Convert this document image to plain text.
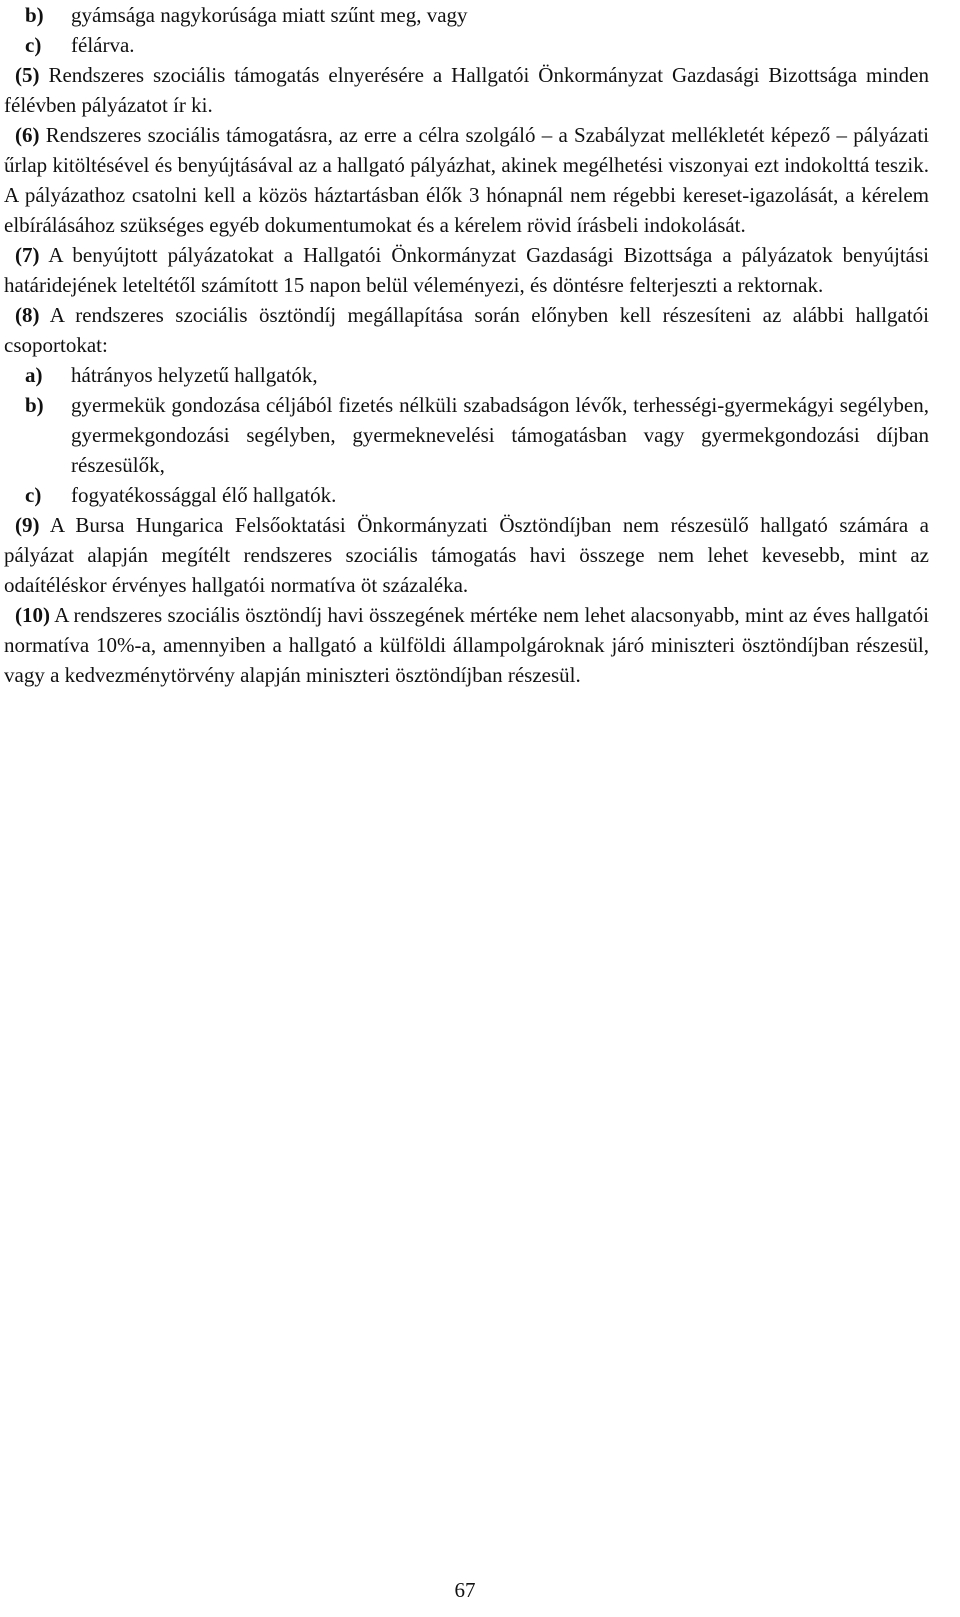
b) gyámsága nagykorúsága miatt szűnt meg, vagy
c) félárva.

(5) Rendszeres szociális támogatás elnyerésére a Hallgatói Önkormányzat Gazdasági Bizottsága minden félévben pályázatot ír ki.

(6) Rendszeres szociális támogatásra, az erre a célra szolgáló – a Szabályzat mellékletét képező – pályázati űrlap kitöltésével és benyújtásával az a hallgató pályázhat, akinek megélhetési viszonyai ezt indokolttá teszik. A pályázathoz csatolni kell a közös háztartásban élők 3 hónapnál nem régebbi kereset-igazolását, a kérelem elbírálásához szükséges egyéb dokumentumokat és a kérelem rövid írásbeli indokolását.

(7) A benyújtott pályázatokat a Hallgatói Önkormányzat Gazdasági Bizottsága a pályázatok benyújtási határidejének leteltétől számított 15 napon belül véleményezi, és döntésre felterjeszti a rektornak.

(8) A rendszeres szociális ösztöndíj megállapítása során előnyben kell részesíteni az alábbi hallgatói csoportokat:

a) hátrányos helyzetű hallgatók,
b) gyermekük gondozása céljából fizetés nélküli szabadságon lévők, terhességi-gyermekágyi segélyben, gyermekgondozási segélyben, gyermeknevelési támogatásban vagy gyermekgondozási díjban részesülők,
c) fogyatékossággal élő hallgatók.

(9) A Bursa Hungarica Felsőoktatási Önkormányzati Ösztöndíjban nem részesülő hallgató számára a pályázat alapján megítélt rendszeres szociális támogatás havi összege nem lehet kevesebb, mint az odaítéléskor érvényes hallgatói normatíva öt százaléka.

(10) A rendszeres szociális ösztöndíj havi összegének mértéke nem lehet alacsonyabb, mint az éves hallgatói normatíva 10%-a, amennyiben a hallgató a külföldi állampolgároknak járó miniszteri ösztöndíjban részesül, vagy a kedvezménytörvény alapján miniszteri ösztöndíjban részesül.

67
